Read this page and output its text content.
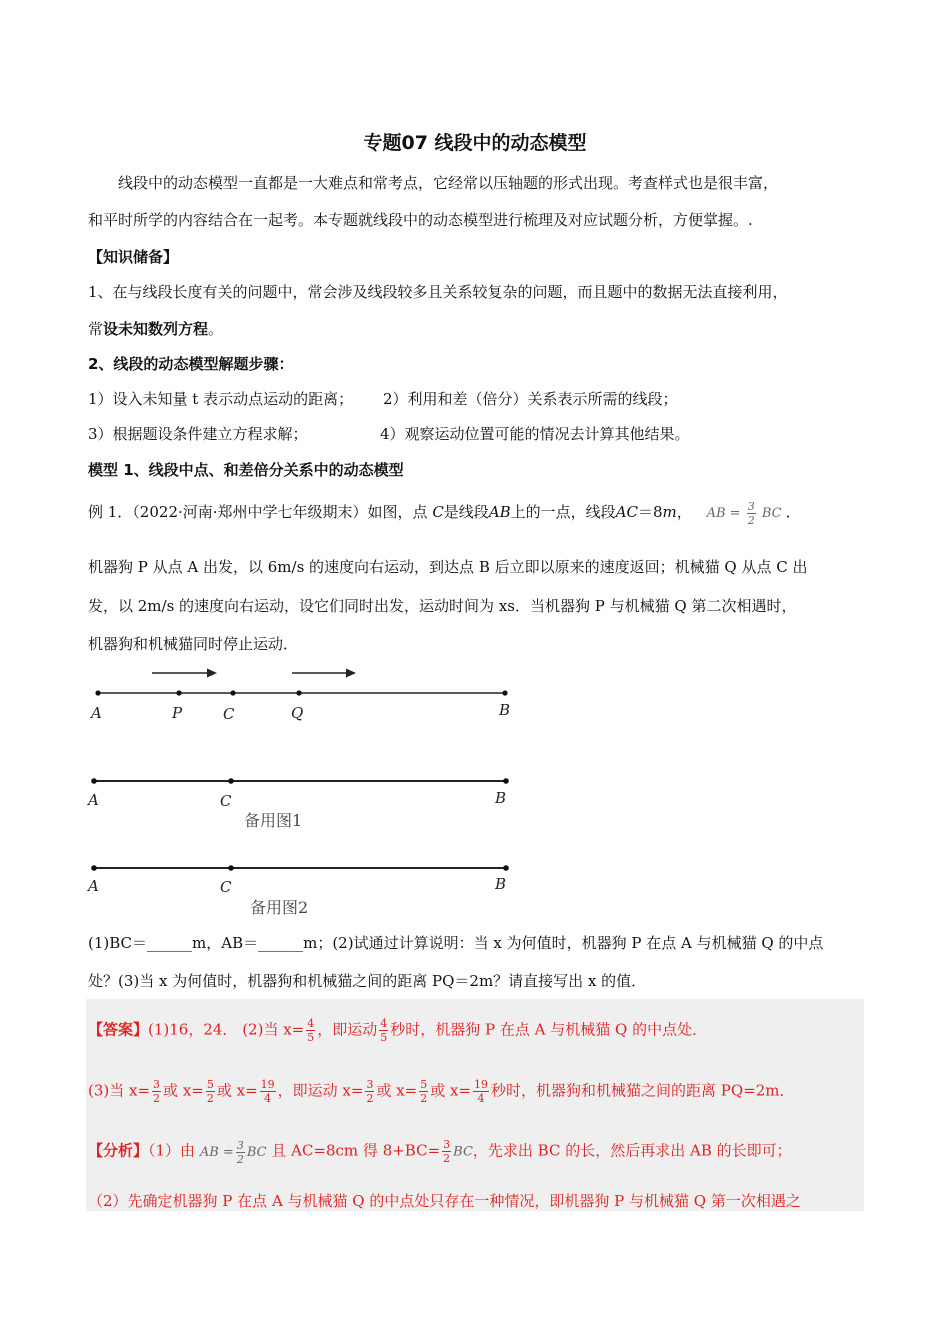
专题07 线段中的动态模型
线段中的动态模型一直都是一大难点和常考点，它经常以压轴题的形式出现。考查样式也是很丰富，
和平时所学的内容结合在一起考。本专题就线段中的动态模型进行梳理及对应试题分析，方便掌握。.
【知识储备】
1、在与线段长度有关的问题中，常会涉及线段较多且关系较复杂的问题，而且题中的数据无法直接利用，
常设未知数列方程。
2、线段的动态模型解题步骤：
1）设入未知量 t 表示动点运动的距离； 2）利用和差（倍分）关系表示所需的线段；
3）根据题设条件建立方程求解；	4）观察运动位置可能的情况去计算其他结果。
模型 1、线段中点、和差倍分关系中的动态模型
例 1．（2022·河南·郑州中学七年级期末）如图，点 C是线段AB上的一点，线段AC＝8m， AB = $\frac{3}{2}$ BC ．
机器狗 P 从点 A 出发，以 6m/s 的速度向右运动，到达点 B 后立即以原来的速度返回；机械猫 Q 从点 C 出
发，以 2m/s 的速度向右运动，设它们同时出发，运动时间为 xs．当机器狗 P 与机械猫 Q 第二次相遇时，
机器狗和机械猫同时停止运动．
A	P	C	Q	B
A	C	B
备用图1
A	C	B
备用图2
(1)BC＝______m，AB＝______m；(2)试通过计算说明：当 x 为何值时，机器狗 P 在点 A 与机械猫 Q 的中点
处？(3)当 x 为何值时，机器狗和机械猫之间的距离 PQ＝2m？请直接写出 x 的值．
【答案】(1)16，24． (2)当 $x= \frac{4}{5}$ ，即运动 $\frac{4}{5}$ 秒时，机器狗 P 在点 A 与机械猫 Q 的中点处．
(3)当 $x= \frac{3}{2}$ 或 $x= \frac{5}{2}$ 或 $x= \frac{19}{4}$ ，即运动 $x= \frac{3}{2}$ 或 $x= \frac{5}{2}$ 或 $x= \frac{19}{4}$ 秒时，机器狗和机械猫之间的距离 PQ=2m．
【分析】（1）由 AB = $\frac{3}{2}$ BC 且 AC=8cm 得 $8+BC= \frac{3}{2}$ BC，先求出 BC 的长，然后再求出 AB 的长即可；
（2）先确定机器狗 P 在点 A 与机械猫 Q 的中点处只存在一种情况，即机器狗 P 与机械猫 Q 第一次相遇之
